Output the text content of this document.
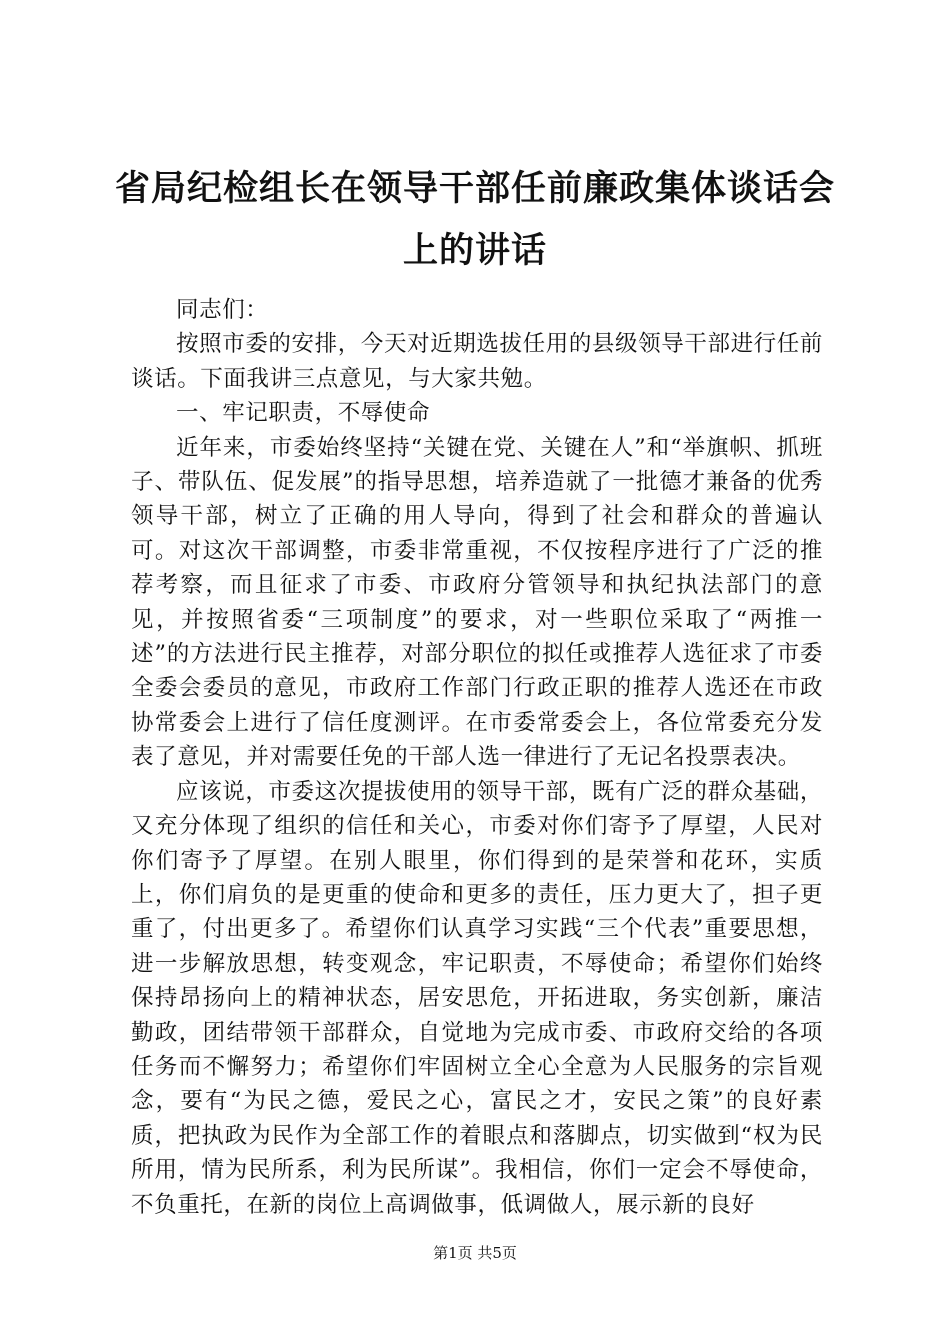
省局纪检组长在领导干部任前廉政集体谈话会上的讲话

同志们：

按照市委的安排，今天对近期选拔任用的县级领导干部进行任前谈话。下面我讲三点意见，与大家共勉。

一、牢记职责，不辱使命

近年来，市委始终坚持“关键在党、关键在人”和“举旗帜、抓班子、带队伍、促发展”的指导思想，培养造就了一批德才兼备的优秀领导干部，树立了正确的用人导向，得到了社会和群众的普遍认可。对这次干部调整，市委非常重视，不仅按程序进行了广泛的推荐考察，而且征求了市委、市政府分管领导和执纪执法部门的意见，并按照省委“三项制度”的要求，对一些职位采取了“两推一述”的方法进行民主推荐，对部分职位的拟任或推荐人选征求了市委全委会委员的意见，市政府工作部门行政正职的推荐人选还在市政协常委会上进行了信任度测评。在市委常委会上，各位常委充分发表了意见，并对需要任免的干部人选一律进行了无记名投票表决。

应该说，市委这次提拔使用的领导干部，既有广泛的群众基础，又充分体现了组织的信任和关心，市委对你们寄予了厚望，人民对你们寄予了厚望。在别人眼里，你们得到的是荣誉和花环，实质上，你们肩负的是更重的使命和更多的责任，压力更大了，担子更重了，付出更多了。希望你们认真学习实践“三个代表”重要思想，进一步解放思想，转变观念，牢记职责，不辱使命；希望你们始终保持昂扬向上的精神状态，居安思危，开拓进取，务实创新，廉洁勤政，团结带领干部群众，自觉地为完成市委、市政府交给的各项任务而不懈努力；希望你们牢固树立全心全意为人民服务的宗旨观念，要有“为民之德，爱民之心，富民之才，安民之策”的良好素质，把执政为民作为全部工作的着眼点和落脚点，切实做到“权为民所用，情为民所系，利为民所谋”。我相信，你们一定会不辱使命，不负重托，在新的岗位上高调做事，低调做人，展示新的良好

第1页 共5页
